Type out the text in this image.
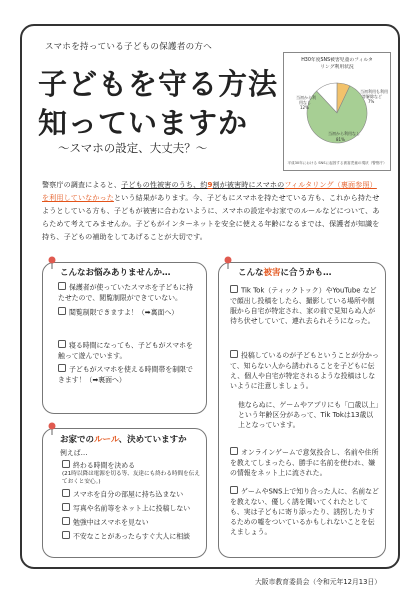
スマホを持っている子どもの保護者の方へ
子どもを守る方法
知っていますか
〜スマホの設定、大丈夫？〜
H30年度SNS被害児童のフィルタ
リング利用状況
当初から利
用なし
12%
当初利用も利用
等解除など
7%
当初から利用なし
81%
平成30年における SNSに起因する被害児童の現状（警察庁）
警察庁の調査によると、子どもの性被害のうち、約9割が被害時にスマホのフィルタリング（裏面参照）を利用していなかったという結果があります。今、子どもにスマホを持たせている方も、これから持たせようとしている方も、子どもが被害に合わないように、スマホの設定やお家でのルールなどについて、あらためて考えてみませんか。子どもがインターネットを安全に使える年齢になるまでは、保護者が知識を持ち、子どもの補助をしてあげることが大切です。
こんなお悩みありませんか…
保護者が使っていたスマホを子どもに持たせたので、閲覧制限ができていない。
閲覧制限できますよ！（➡裏面へ）
寝る時間になっても、子どもがスマホを触って遊んでいます。
子どもがスマホを使える時間帯を制限できます！（➡裏面へ）
お家でのルール、決めていますか
例えば…
終わる時間を決める
(21時以降は電源を切る等、友達にも終わる時間を伝えておくと安心。)
スマホを自分の部屋に持ち込まない
写真や名前等をネット上に投稿しない
勉強中はスマホを見ない
不安なことがあったらすぐ大人に相談
こんな被害に合うかも…
Tik Tok（ティックトック）やYouTube などで顔出し投稿をしたら、撮影している場所や制服から自宅が特定され、家の前で見知らぬ人が待ち伏せしていて、連れ去られそうになった。
投稿しているのが子どもということが分かって、知らない人から誘われることを子どもに伝え、個人や自宅が特定されるような投稿はしないように注意しましょう。
他ならぬに、ゲームやアプリにも「□歳以上」という年齢区分があって、Tik Tokは13歳以上となっています。
オンラインゲームで意気投合し、名前や住所を教えてしまったら、勝手に名前を使われ、嫌の情報をネット上に流された。
ゲームやSNS上で知り合った人に、名前などを教えない、優しく誘を聞いてくれたとしても、実は子どもに寄り添ったり、誘拐したりするための嘘をついているかもしれないことを伝えましょう。
大阪市教育委員会（令和元年12月13日）
